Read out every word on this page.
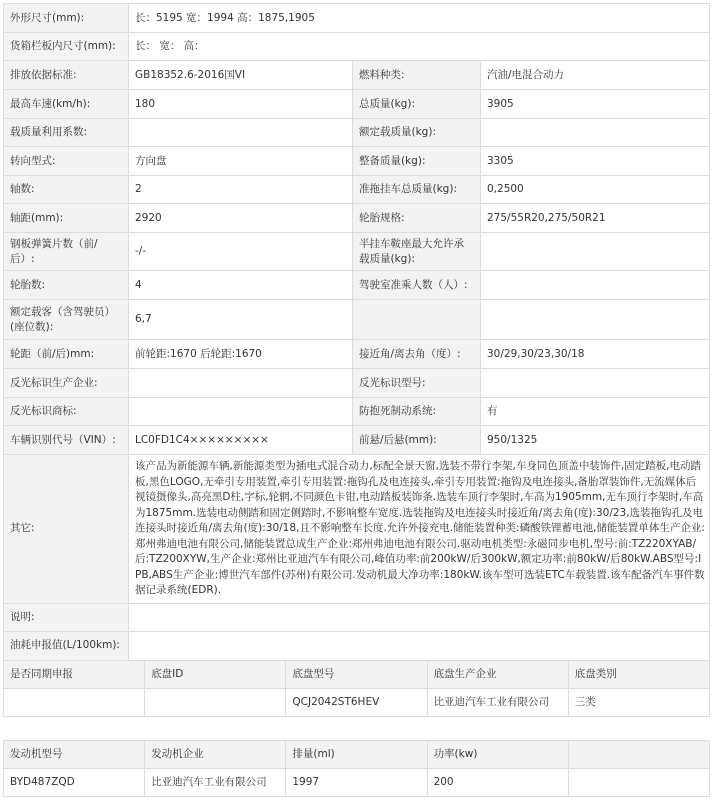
外形尺寸(mm):	长：5195 宽：1994 高：1875,1905		
货箱栏板内尺寸(mm):	长： 宽： 高：		
排放依据标准:	GB18352.6-2016国VI	燃料种类:	汽油/电混合动力
最高车速(km/h):	180	总质量(kg):	3905
载质量利用系数:		额定载质量(kg):	
转向型式:	方向盘	整备质量(kg):	3305
轴数:	2	准拖挂车总质量(kg):	0,2500
轴距(mm):	2920	轮胎规格:	275/55R20,275/50R21
钢板弹簧片数（前/后）:	-/-	半挂车鞍座最大允许承载质量(kg):	
轮胎数:	4	驾驶室准乘人数（人）:	
额定载客（含驾驶员）(座位数):	6,7		
轮距（前/后)mm:	前轮距:1670 后轮距:1670	接近角/离去角（度）:	30/29,30/23,30/18
反光标识生产企业:		反光标识型号:	
反光标识商标:		防抱死制动系统:	有
车辆识别代号（VIN）:	LC0FD1C4×××××××××	前悬/后悬(mm):	950/1325
其它:	该产品为新能源车辆,新能源类型为插电式混合动力,标配全景天窗,选装不带行李架,车身同色顶盖中装饰件,固定踏板,电动踏板,黑色LOGO,无牵引专用装置,牵引专用装置:拖钩孔及电连接头,牵引专用装置:拖钩及电连接头,备胎罩装饰件,无流媒体后视镜摄像头,高亮黑D柱,字标,轮辋,不同颜色卡钳,电动踏板装饰条.选装车顶行李架时,车高为1905mm,无车顶行李架时,车高为1875mm.选装电动侧踏和固定侧踏时,不影响整车宽度.选装拖钩及电连接头时接近角/离去角(度):30/23,选装拖钩孔及电连接头时接近角/离去角(度):30/18,且不影响整车长度.允许外接充电.储能装置种类:磷酸铁锂蓄电池,储能装置单体生产企业:郑州弗迪电池有限公司,储能装置总成生产企业:郑州弗迪电池有限公司.驱动电机类型:永磁同步电机,型号:前:TZ220XYAB/后:TZ200XYW,生产企业:郑州比亚迪汽车有限公司,峰值功率:前200kW/后300kW,额定功率:前80kW/后80kW.ABS型号:IPB,ABS生产企业:博世汽车部件(苏州)有限公司.发动机最大净功率:180kW.该车型可选装ETC车载装置.该车配备汽车事件数据记录系统(EDR).		
说明:			
油耗申报值(L/100km):			
是否同期申报	底盘ID	底盘型号	底盘生产企业	底盘类别
		QCJ2042ST6HEV	比亚迪汽车工业有限公司	三类
发动机型号	发动机企业	排量(ml)	功率(kw)	
BYD487ZQD	比亚迪汽车工业有限公司	1997	200	
